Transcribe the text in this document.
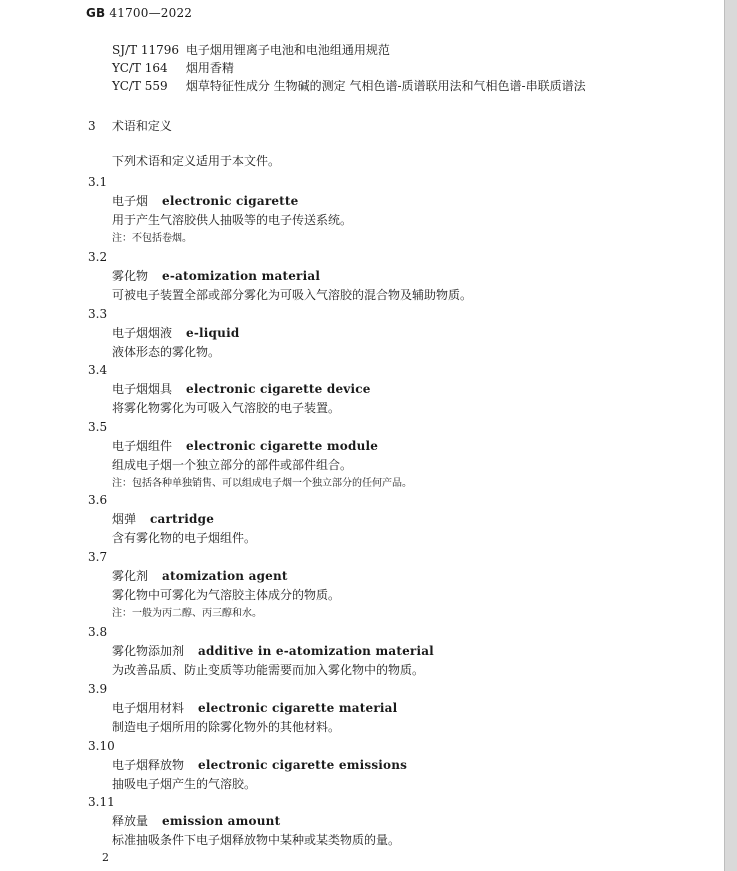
GB 41700—2022
SJ/T 11796 电子烟用锂离子电池和电池组通用规范
YC/T 164 烟用香精
YC/T 559 烟草特征性成分 生物碱的测定 气相色谱-质谱联用法和气相色谱-串联质谱法
3 术语和定义
下列术语和定义适用于本文件。
3.1
电子烟 electronic cigarette
用于产生气溶胶供人抽吸等的电子传送系统。
注：不包括卷烟。
3.2
雾化物 e-atomization material
可被电子装置全部或部分雾化为可吸入气溶胶的混合物及辅助物质。
3.3
电子烟烟液 e-liquid
液体形态的雾化物。
3.4
电子烟烟具 electronic cigarette device
将雾化物雾化为可吸入气溶胶的电子装置。
3.5
电子烟组件 electronic cigarette module
组成电子烟一个独立部分的部件或部件组合。
注：包括各种单独销售、可以组成电子烟一个独立部分的任何产品。
3.6
烟弹 cartridge
含有雾化物的电子烟组件。
3.7
雾化剂 atomization agent
雾化物中可雾化为气溶胶主体成分的物质。
注：一般为丙二醇、丙三醇和水。
3.8
雾化物添加剂 additive in e-atomization material
为改善品质、防止变质等功能需要而加入雾化物中的物质。
3.9
电子烟用材料 electronic cigarette material
制造电子烟所用的除雾化物外的其他材料。
3.10
电子烟释放物 electronic cigarette emissions
抽吸电子烟产生的气溶胶。
3.11
释放量 emission amount
标准抽吸条件下电子烟释放物中某种或某类物质的量。
2
